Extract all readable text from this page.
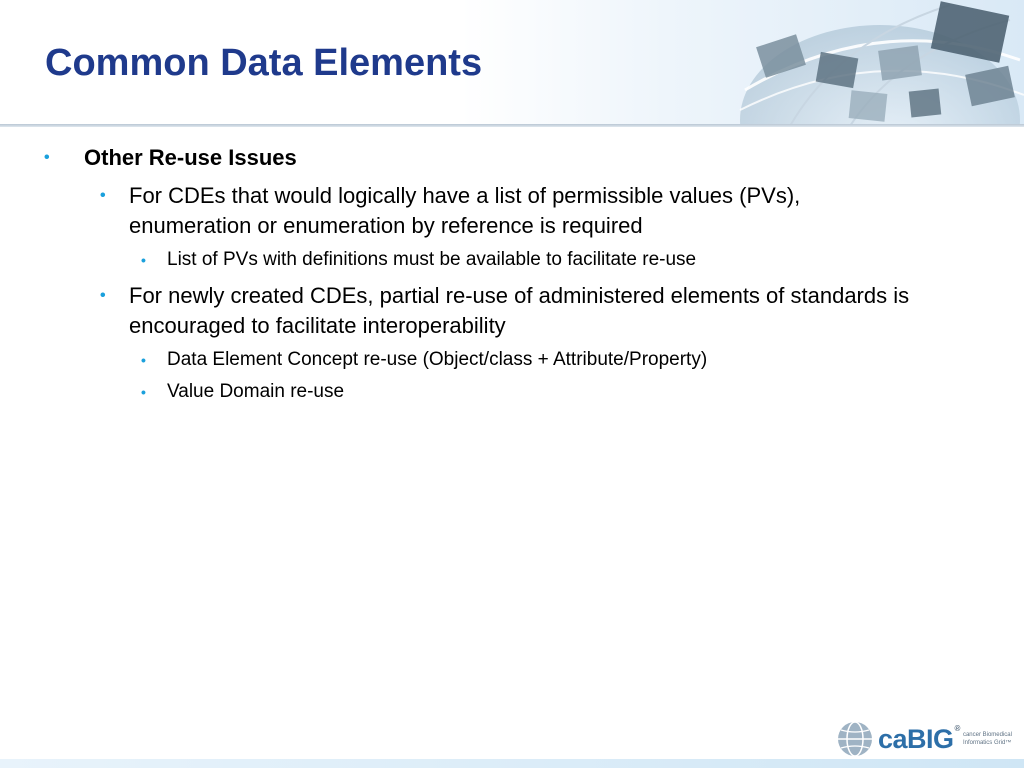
Common Data Elements
•	Other Re-use Issues
•	For CDEs that would logically have a list of permissible values (PVs), enumeration or enumeration by reference is required
•	List of PVs with definitions must be available to facilitate re-use
•	For newly created CDEs, partial re-use of administered elements of standards is encouraged to facilitate interoperability
•	Data Element Concept re-use (Object/class + Attribute/Property)
•	Value Domain re-use
caBIG®
cancer Biomedical Informatics Grid™
